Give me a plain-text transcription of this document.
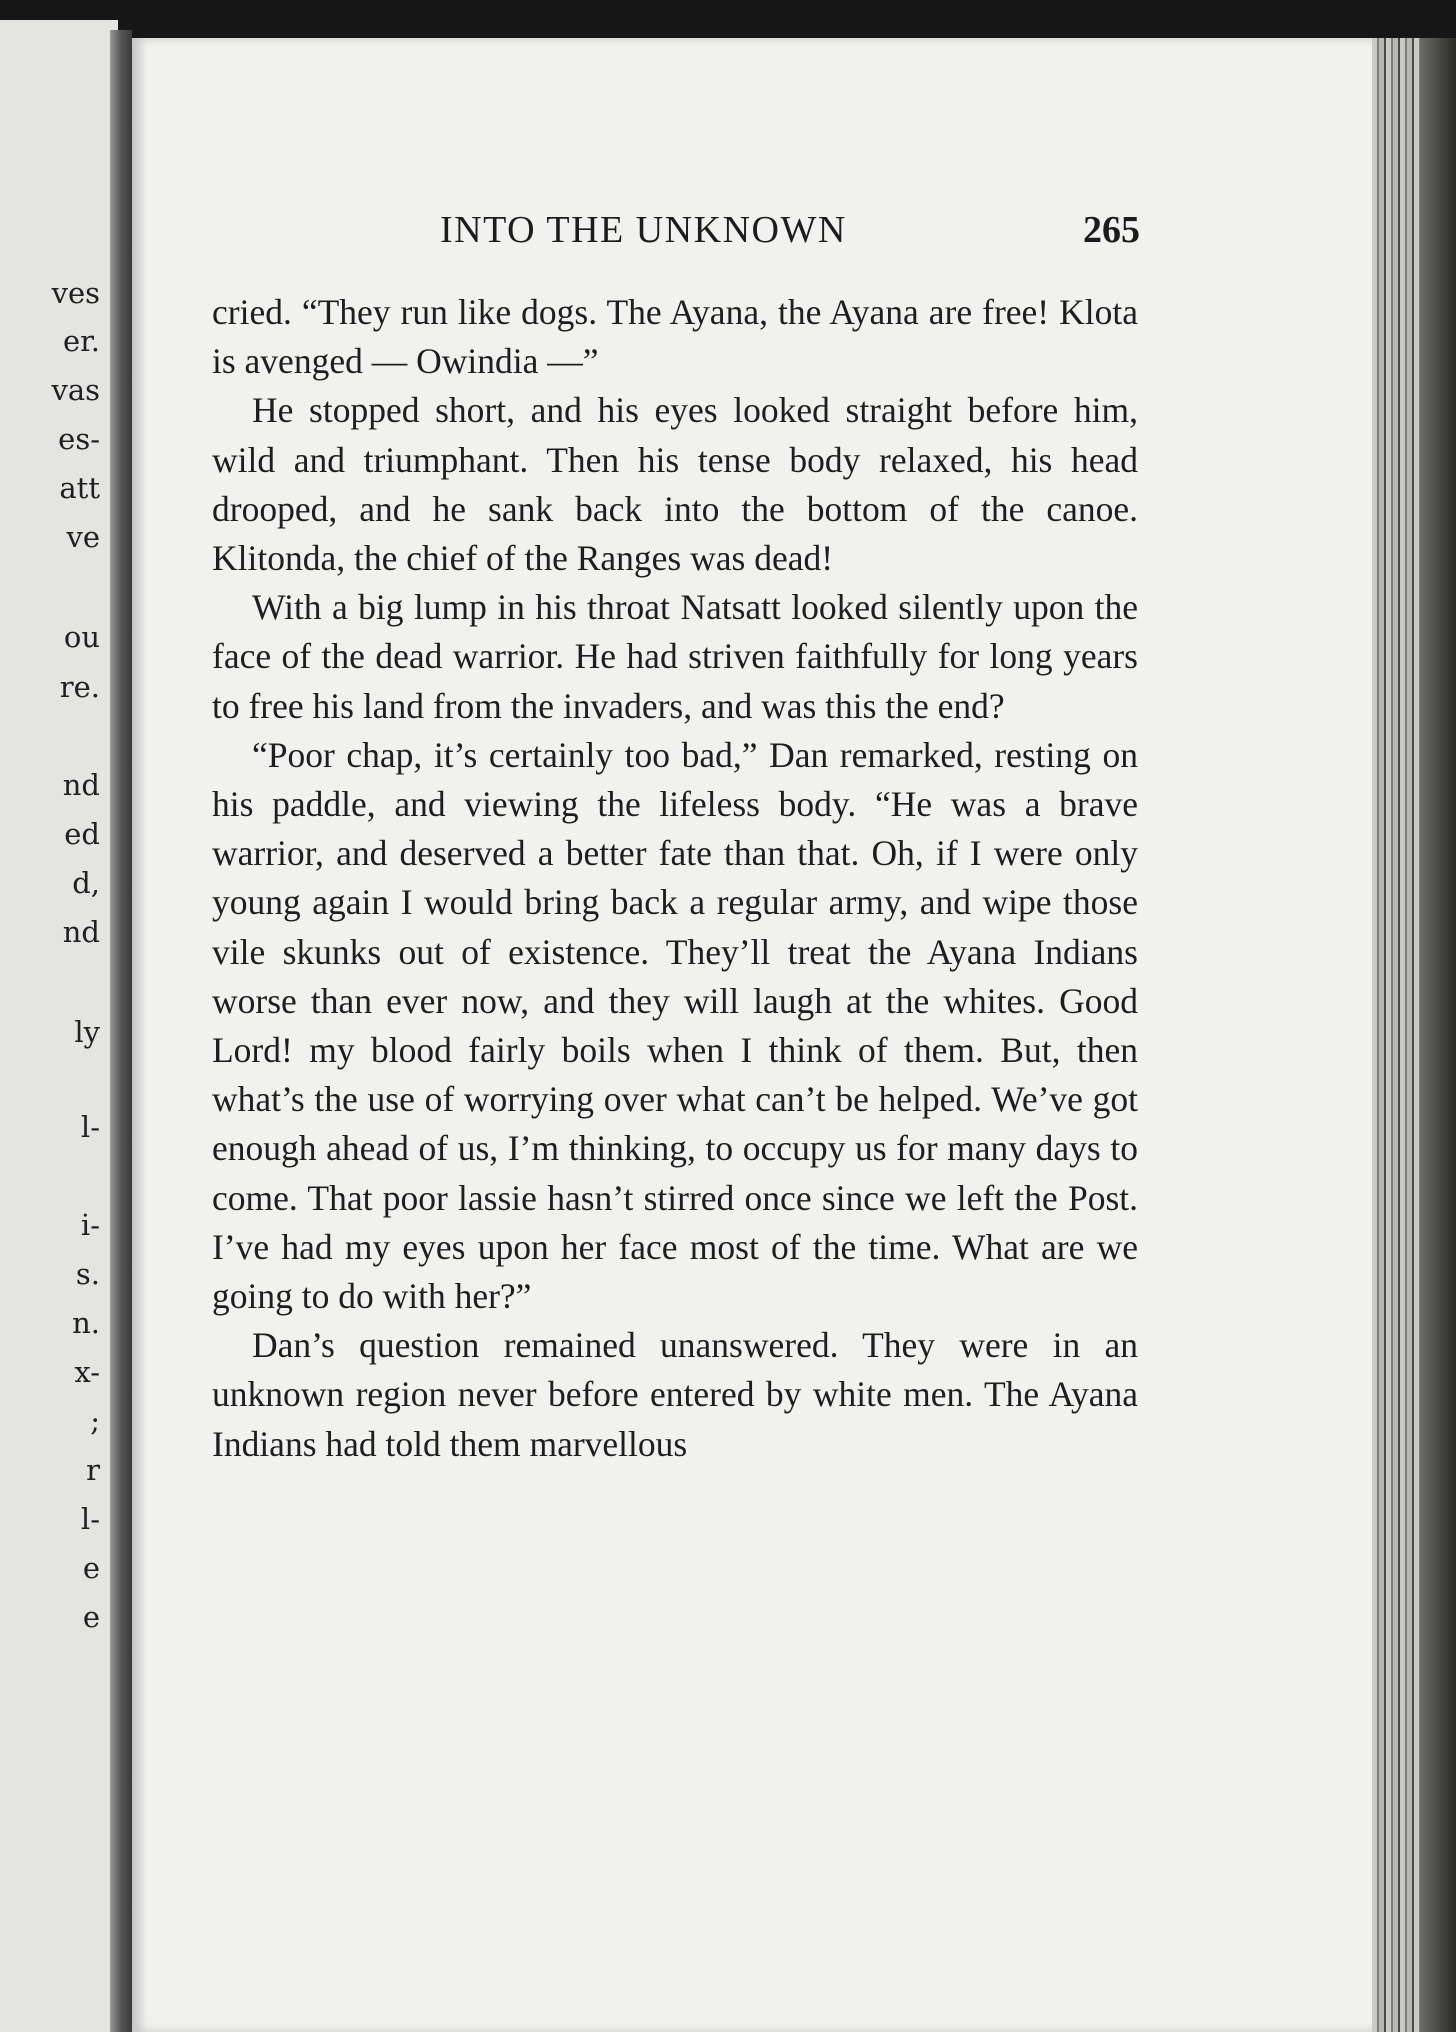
ves
er.
vas
es-
att
ve
ou
re.
nd
ed
d,
nd
ly
l-
i-
s.
n.
x-
;
r
l-
e
e
INTO THE UNKNOWN	265

cried. “They run like dogs. The Ayana, the Ayana are free! Klota is avenged — Owindia —”

He stopped short, and his eyes looked straight before him, wild and triumphant. Then his tense body relaxed, his head drooped, and he sank back into the bottom of the canoe. Klitonda, the chief of the Ranges was dead!

With a big lump in his throat Natsatt looked silently upon the face of the dead warrior. He had striven faithfully for long years to free his land from the invaders, and was this the end?

“Poor chap, it’s certainly too bad,” Dan remarked, resting on his paddle, and viewing the lifeless body. “He was a brave warrior, and deserved a better fate than that. Oh, if I were only young again I would bring back a regular army, and wipe those vile skunks out of existence. They’ll treat the Ayana Indians worse than ever now, and they will laugh at the whites. Good Lord! my blood fairly boils when I think of them. But, then what’s the use of worrying over what can’t be helped. We’ve got enough ahead of us, I’m thinking, to occupy us for many days to come. That poor lassie hasn’t stirred once since we left the Post. I’ve had my eyes upon her face most of the time. What are we going to do with her?”

Dan’s question remained unanswered. They were in an unknown region never before entered by white men. The Ayana Indians had told them marvellous
